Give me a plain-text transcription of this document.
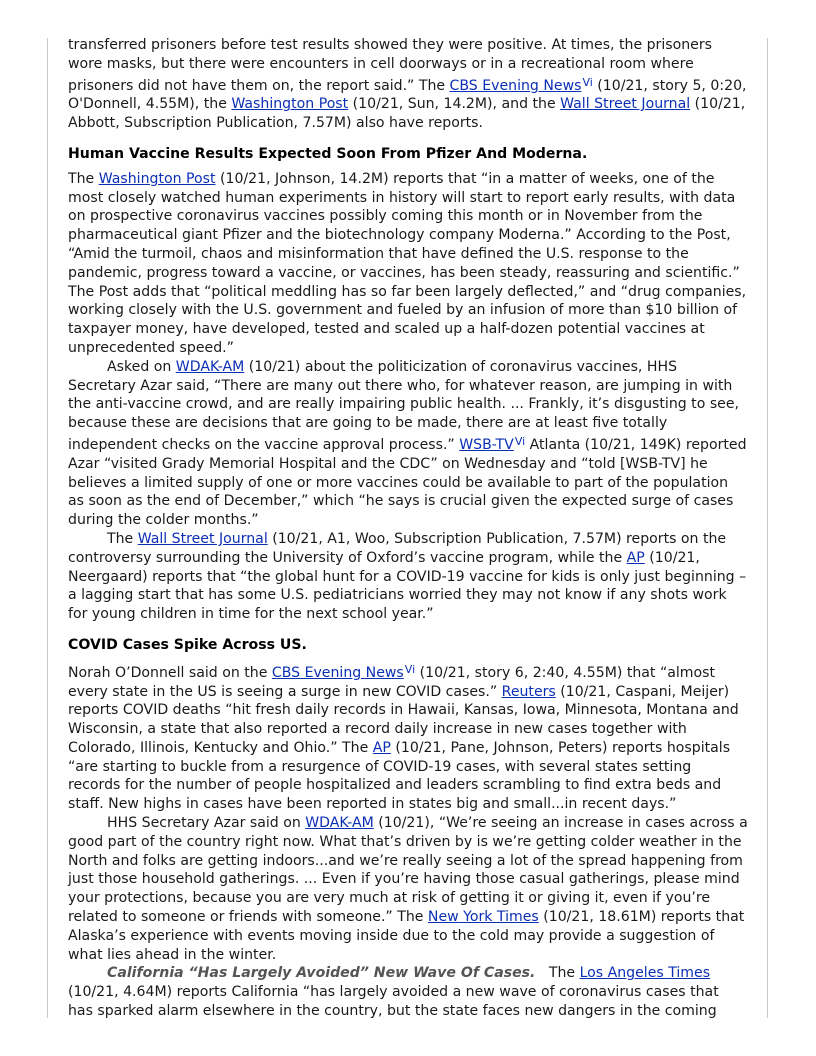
transferred prisoners before test results showed they were positive. At times, the prisoners wore masks, but there were encounters in cell doorways or in a recreational room where prisoners did not have them on, the report said.” The CBS Evening News$^{Vi}$ (10/21, story 5, 0:20, O'Donnell, 4.55M), the Washington Post (10/21, Sun, 14.2M), and the Wall Street Journal (10/21, Abbott, Subscription Publication, 7.57M) also have reports.

Human Vaccine Results Expected Soon From Pfizer And Moderna.

The Washington Post (10/21, Johnson, 14.2M) reports that “in a matter of weeks, one of the most closely watched human experiments in history will start to report early results, with data on prospective coronavirus vaccines possibly coming this month or in November from the pharmaceutical giant Pfizer and the biotechnology company Moderna.” According to the Post, “Amid the turmoil, chaos and misinformation that have defined the U.S. response to the pandemic, progress toward a vaccine, or vaccines, has been steady, reassuring and scientific.” The Post adds that “political meddling has so far been largely deflected,” and “drug companies, working closely with the U.S. government and fueled by an infusion of more than $10 billion of taxpayer money, have developed, tested and scaled up a half-dozen potential vaccines at unprecedented speed.”

Asked on WDAK-AM (10/21) about the politicization of coronavirus vaccines, HHS Secretary Azar said, “There are many out there who, for whatever reason, are jumping in with the anti-vaccine crowd, and are really impairing public health. ... Frankly, it’s disgusting to see, because these are decisions that are going to be made, there are at least five totally independent checks on the vaccine approval process.” WSB-$TV^{Vi}$ Atlanta (10/21, 149K) reported Azar “visited Grady Memorial Hospital and the CDC” on Wednesday and “told [WSB-TV] he believes a limited supply of one or more vaccines could be available to part of the population as soon as the end of December,” which “he says is crucial given the expected surge of cases during the colder months.”

The Wall Street Journal (10/21, A1, Woo, Subscription Publication, 7.57M) reports on the controversy surrounding the University of Oxford’s vaccine program, while the AP (10/21, Neergaard) reports that “the global hunt for a COVID-19 vaccine for kids is only just beginning – a lagging start that has some U.S. pediatricians worried they may not know if any shots work for young children in time for the next school year.”

COVID Cases Spike Across US.

Norah O’Donnell said on the CBS Evening News$^{Vi}$ (10/21, story 6, 2:40, 4.55M) that “almost every state in the US is seeing a surge in new COVID cases.” Reuters (10/21, Caspani, Meijer) reports COVID deaths “hit fresh daily records in Hawaii, Kansas, Iowa, Minnesota, Montana and Wisconsin, a state that also reported a record daily increase in new cases together with Colorado, Illinois, Kentucky and Ohio.” The AP (10/21, Pane, Johnson, Peters) reports hospitals “are starting to buckle from a resurgence of COVID-19 cases, with several states setting records for the number of people hospitalized and leaders scrambling to find extra beds and staff. New highs in cases have been reported in states big and small...in recent days.”

HHS Secretary Azar said on WDAK-AM (10/21), “We’re seeing an increase in cases across a good part of the country right now. What that’s driven by is we’re getting colder weather in the North and folks are getting indoors...and we’re really seeing a lot of the spread happening from just those household gatherings. ... Even if you’re having those casual gatherings, please mind your protections, because you are very much at risk of getting it or giving it, even if you’re related to someone or friends with someone.” The New York Times (10/21, 18.61M) reports that Alaska’s experience with events moving inside due to the cold may provide a suggestion of what lies ahead in the winter.

California “Has Largely Avoided” New Wave Of Cases.   The Los Angeles Times (10/21, 4.64M) reports California “has largely avoided a new wave of coronavirus cases that has sparked alarm elsewhere in the country, but the state faces new dangers in the coming
